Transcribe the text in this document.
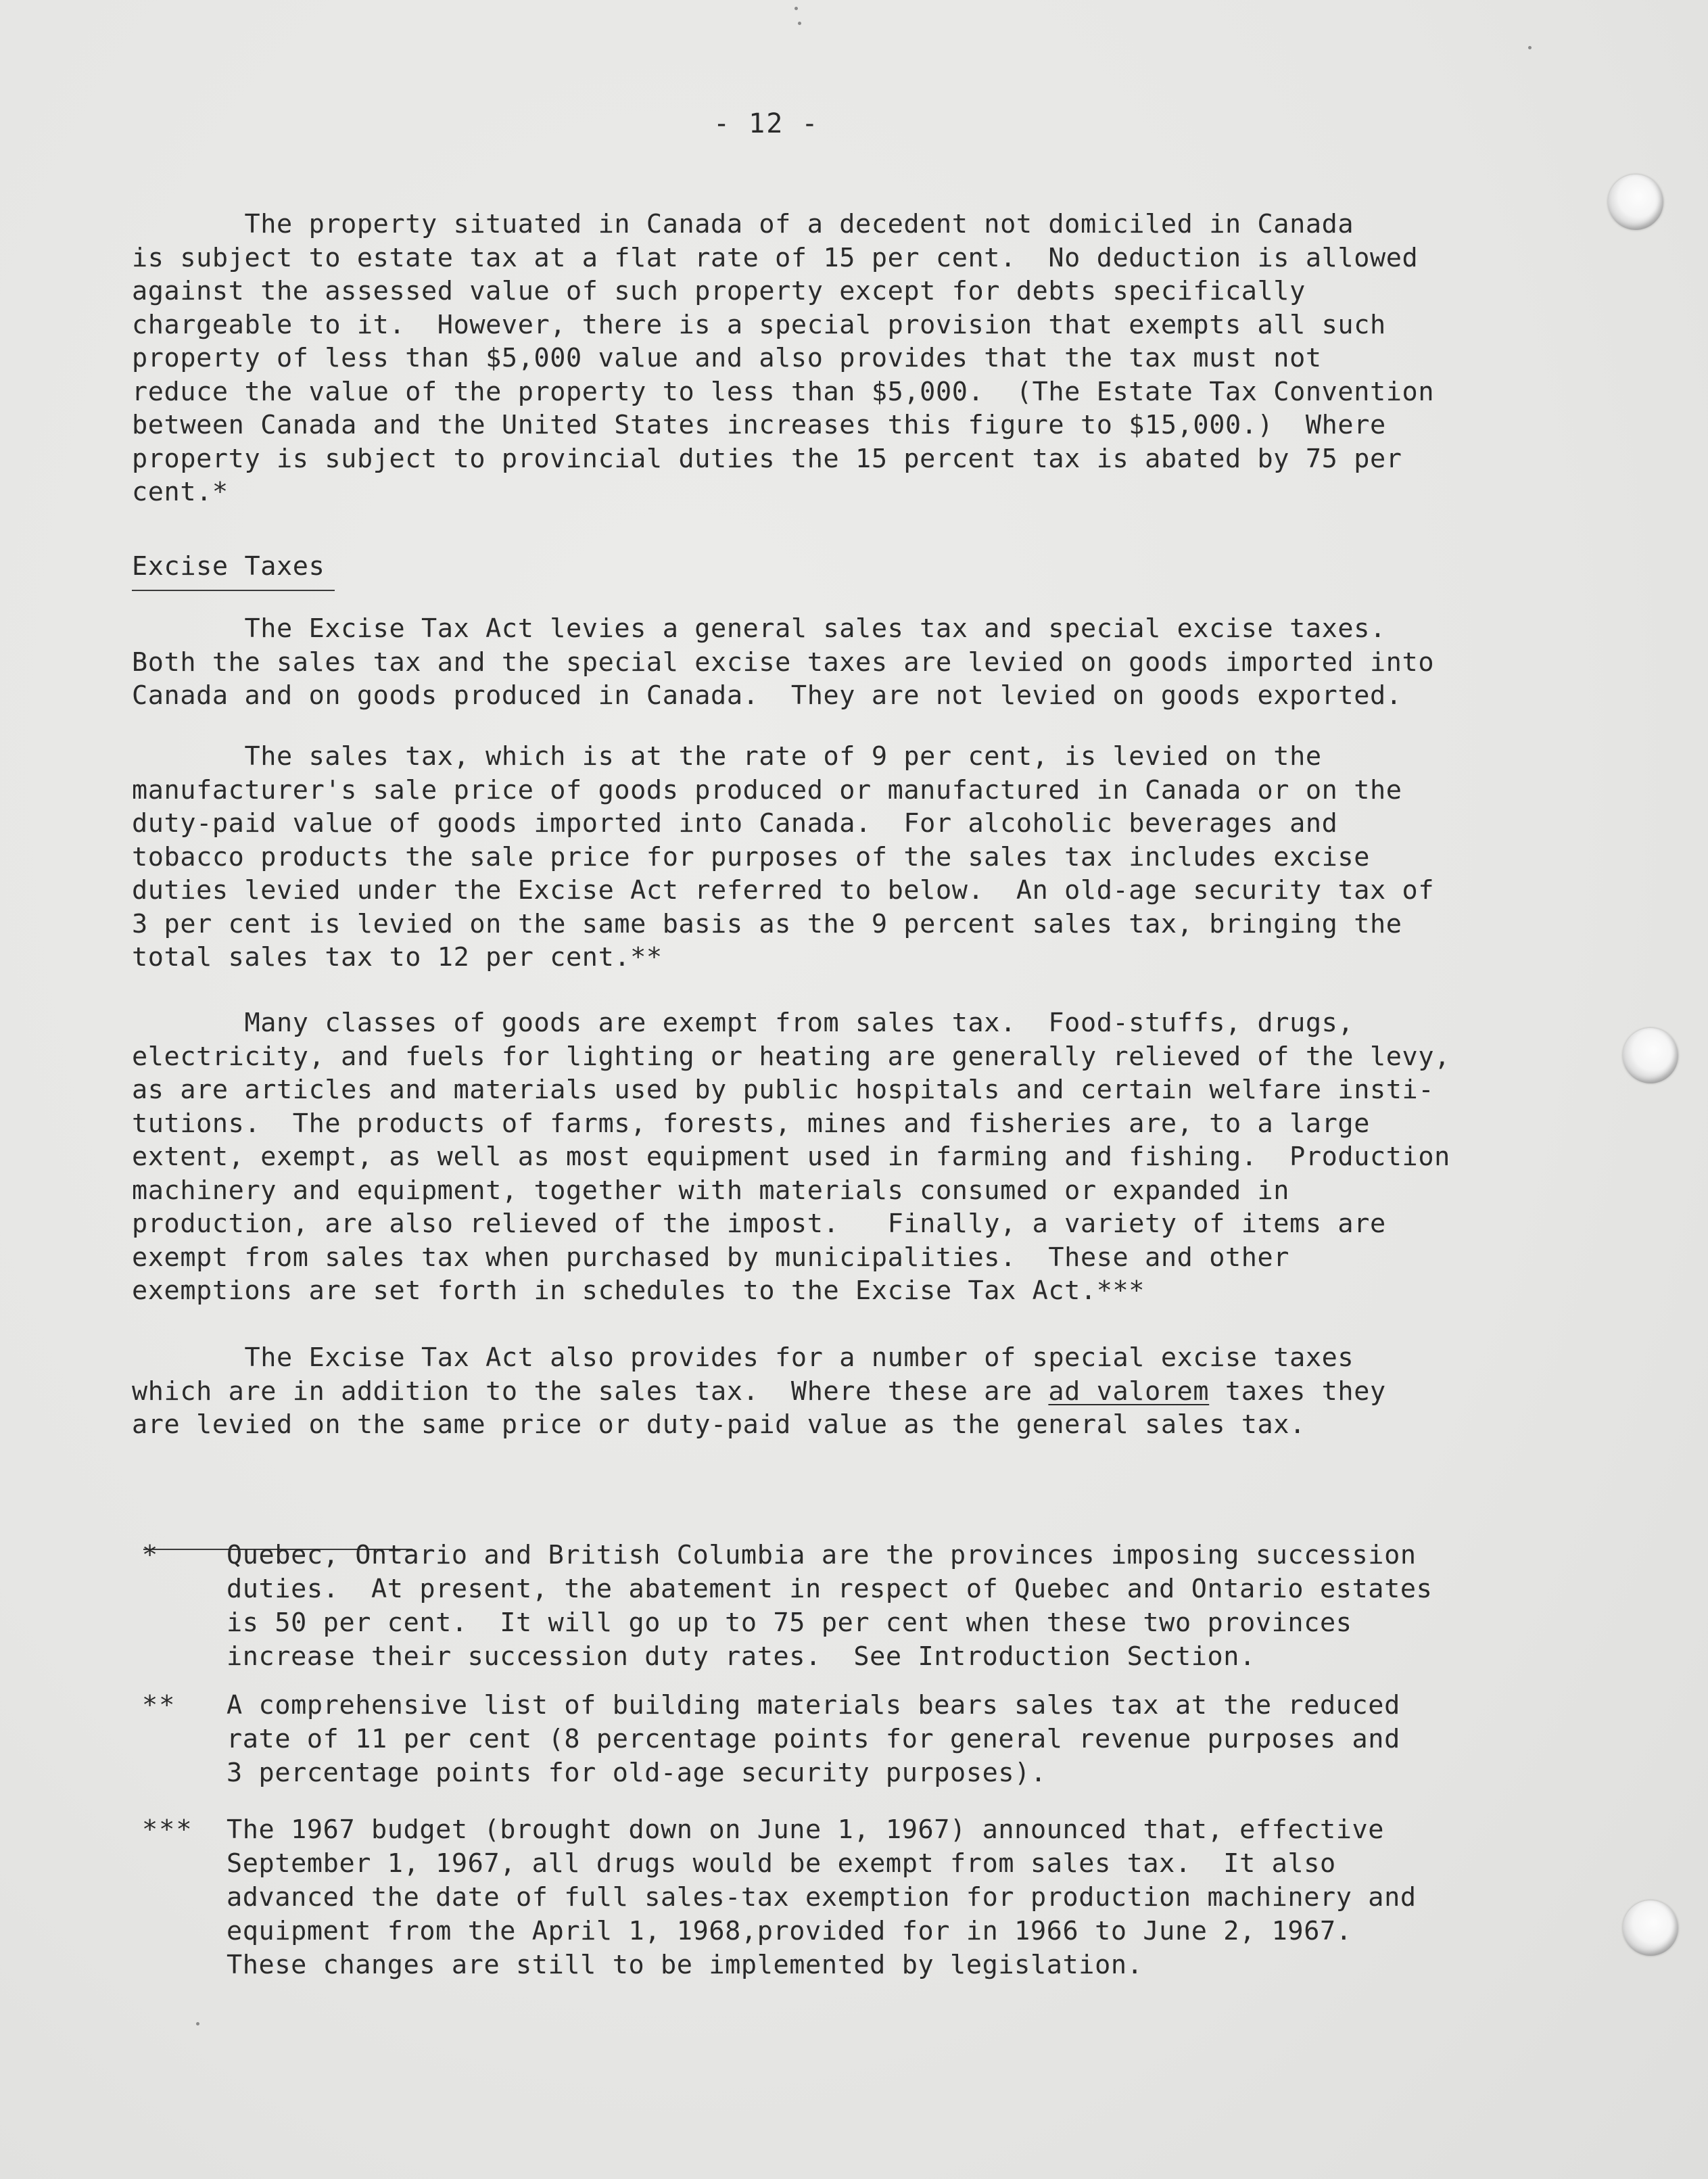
- 12 -
The property situated in Canada of a decedent not domiciled in Canada
is subject to estate tax at a flat rate of 15 per cent.  No deduction is allowed
against the assessed value of such property except for debts specifically
chargeable to it.  However, there is a special provision that exempts all such
property of less than $5,000 value and also provides that the tax must not
reduce the value of the property to less than $5,000.  (The Estate Tax Convention
between Canada and the United States increases this figure to $15,000.)  Where
property is subject to provincial duties the 15 percent tax is abated by 75 per
cent.*
Excise Taxes
The Excise Tax Act levies a general sales tax and special excise taxes.
Both the sales tax and the special excise taxes are levied on goods imported into
Canada and on goods produced in Canada.  They are not levied on goods exported.
The sales tax, which is at the rate of 9 per cent, is levied on the
manufacturer's sale price of goods produced or manufactured in Canada or on the
duty-paid value of goods imported into Canada.  For alcoholic beverages and
tobacco products the sale price for purposes of the sales tax includes excise
duties levied under the Excise Act referred to below.  An old-age security tax of
3 per cent is levied on the same basis as the 9 percent sales tax, bringing the
total sales tax to 12 per cent.**
Many classes of goods are exempt from sales tax.  Food-stuffs, drugs,
electricity, and fuels for lighting or heating are generally relieved of the levy,
as are articles and materials used by public hospitals and certain welfare insti-
tutions.  The products of farms, forests, mines and fisheries are, to a large
extent, exempt, as well as most equipment used in farming and fishing.  Production
machinery and equipment, together with materials consumed or expanded in
production, are also relieved of the impost.   Finally, a variety of items are
exempt from sales tax when purchased by municipalities.  These and other
exemptions are set forth in schedules to the Excise Tax Act.***
The Excise Tax Act also provides for a number of special excise taxes
which are in addition to the sales tax.  Where these are ad valorem taxes they
are levied on the same price or duty-paid value as the general sales tax.
*	Quebec, Ontario and British Columbia are the provinces imposing succession
duties.  At present, the abatement in respect of Quebec and Ontario estates
is 50 per cent.  It will go up to 75 per cent when these two provinces
increase their succession duty rates.  See Introduction Section.
** A comprehensive list of building materials bears sales tax at the reduced
rate of 11 per cent (8 percentage points for general revenue purposes and
3 percentage points for old-age security purposes).
*** The 1967 budget (brought down on June 1, 1967) announced that, effective
September 1, 1967, all drugs would be exempt from sales tax.  It also
advanced the date of full sales-tax exemption for production machinery and
equipment from the April 1, 1968,provided for in 1966 to June 2, 1967.
These changes are still to be implemented by legislation.
